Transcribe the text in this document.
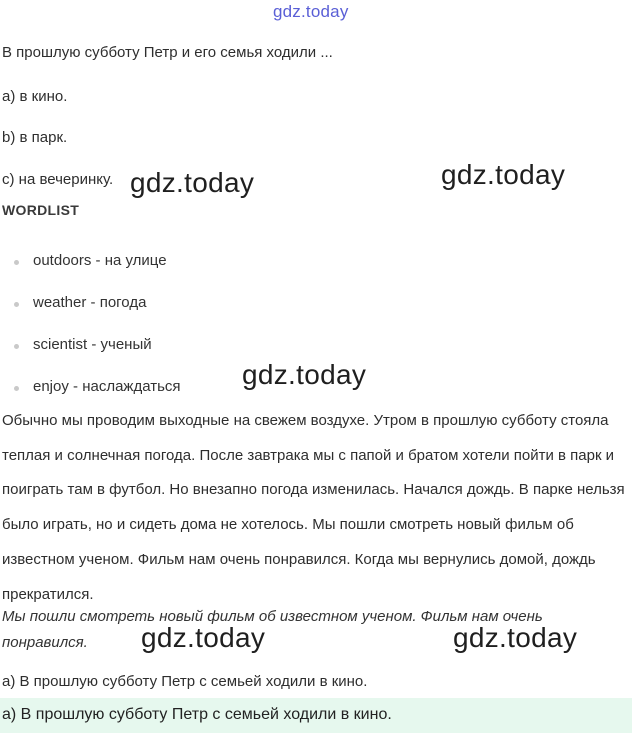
gdz.today
В прошлую субботу Петр и его семья ходили ...
a) в кино.
b) в парк.
c) на вечеринку.
WORDLIST
outdoors - на улице
weather - погода
scientist - ученый
enjoy - наслаждаться

Обычно мы проводим выходные на свежем воздухе. Утром в прошлую субботу стояла теплая и солнечная погода. После завтрака мы с папой и братом хотели пойти в парк и поиграть там в футбол. Но внезапно погода изменилась. Начался дождь. В парке нельзя было играть, но и сидеть дома не хотелось. Мы пошли смотреть новый фильм об известном ученом. Фильм нам очень понравился. Когда мы вернулись домой, дождь прекратился.

Мы пошли смотреть новый фильм об известном ученом. Фильм нам очень понравился.

a) В прошлую субботу Петр с семьей ходили в кино.
a) В прошлую субботу Петр с семьей ходили в кино.
gdz.today	gdz.today
gdz.today
gdz.today	gdz.today
